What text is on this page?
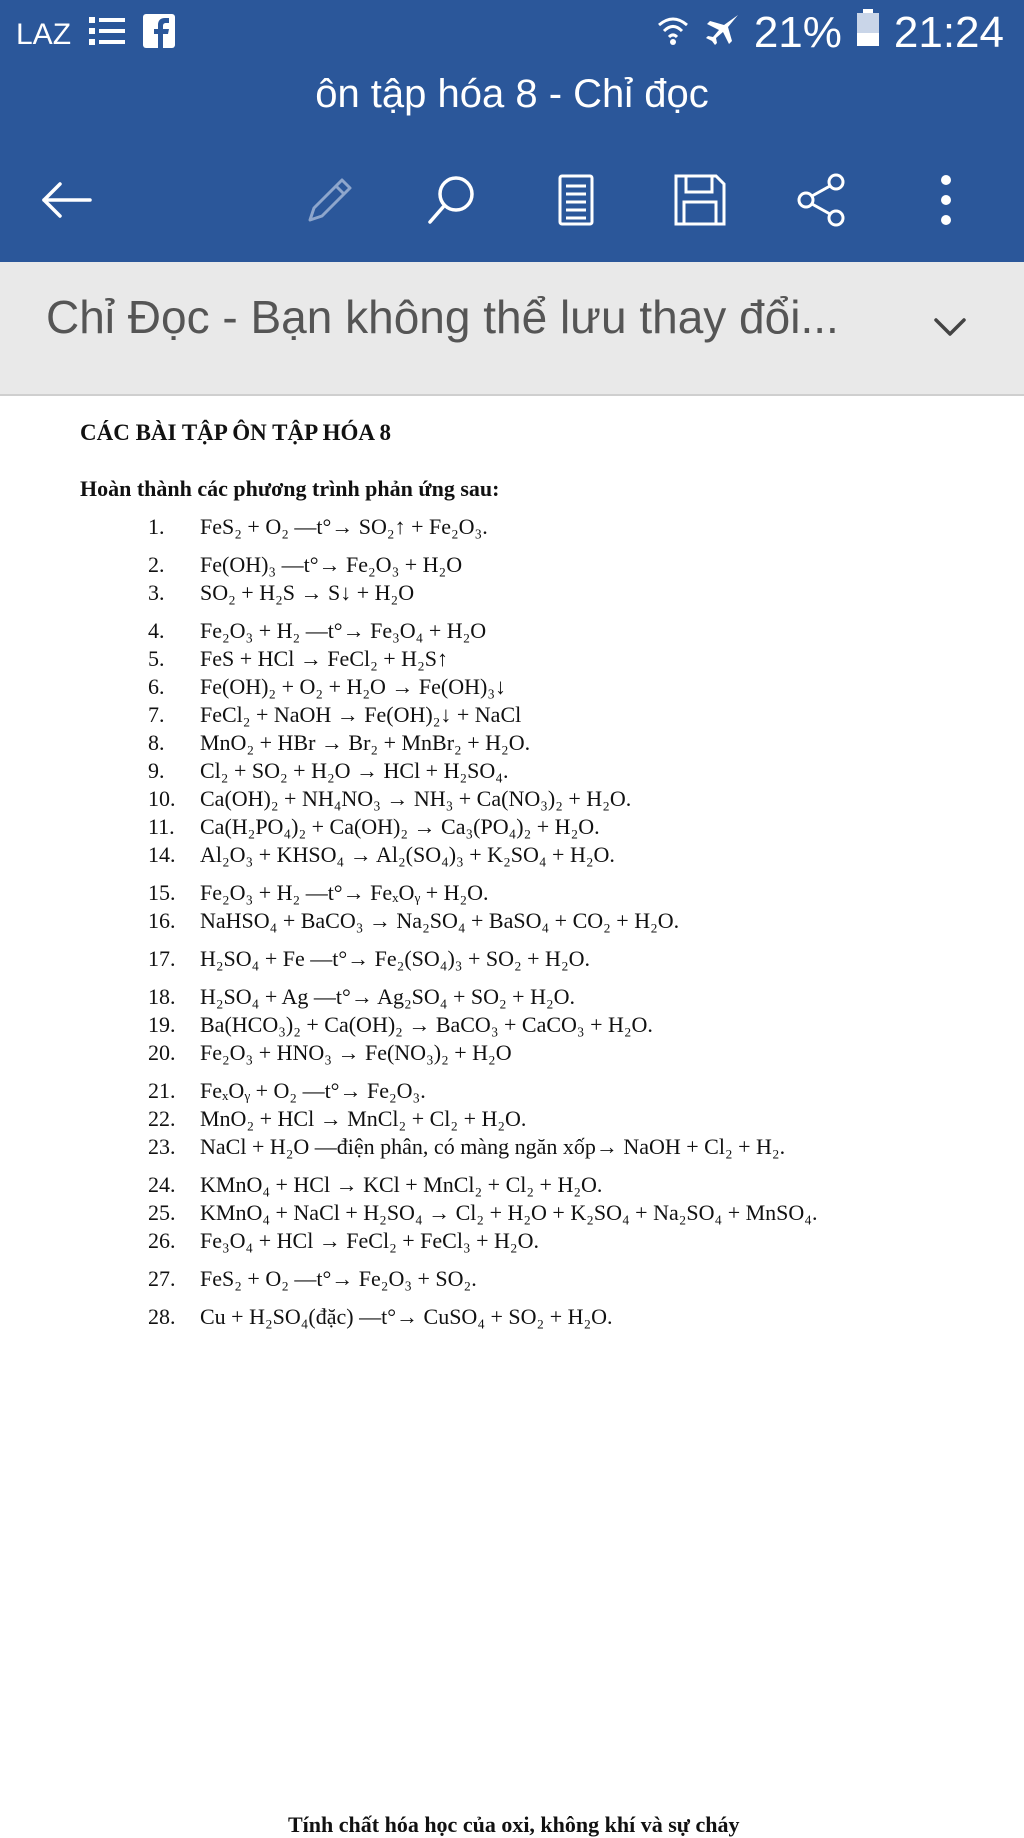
LAZ	21% 21:24
ôn tập hóa 8 - Chỉ đọc
Chỉ Đọc - Bạn không thể lưu thay đổi...
CÁC BÀI TẬP ÔN TẬP HÓA 8
Hoàn thành các phương trình phản ứng sau:
1. FeS₂ + O₂ —t°→ SO₂↑ + Fe₂O₃.
2. Fe(OH)₃ —t°→ Fe₂O₃ + H₂O
3. SO₂ + H₂S → S↓ + H₂O
4. Fe₂O₃ + H₂ —t°→ Fe₃O₄ + H₂O
5. FeS + HCl → FeCl₂ + H₂S↑
6. Fe(OH)₂ + O₂ + H₂O → Fe(OH)₃↓
7. FeCl₂ + NaOH → Fe(OH)₂↓ + NaCl
8. MnO₂ + HBr → Br₂ + MnBr₂ + H₂O.
9. Cl₂ + SO₂ + H₂O → HCl + H₂SO₄.
10. Ca(OH)₂ + NH₄NO₃ → NH₃ + Ca(NO₃)₂ + H₂O.
11. Ca(H₂PO₄)₂ + Ca(OH)₂ → Ca₃(PO₄)₂ + H₂O.
14. Al₂O₃ + KHSO₄ → Al₂(SO₄)₃ + K₂SO₄ + H₂O.
15. Fe₂O₃ + H₂ —t°→ FeₓOᵧ + H₂O.
16. NaHSO₄ + BaCO₃ → Na₂SO₄ + BaSO₄ + CO₂ + H₂O.
17. H₂SO₄ + Fe —t°→ Fe₂(SO₄)₃ + SO₂ + H₂O.
18. H₂SO₄ + Ag —t°→ Ag₂SO₄ + SO₂ + H₂O.
19. Ba(HCO₃)₂ + Ca(OH)₂ → BaCO₃ + CaCO₃ + H₂O.
20. Fe₂O₃ + HNO₃ → Fe(NO₃)₂ + H₂O
21. FeₓOᵧ + O₂ —t°→ Fe₂O₃.
22. MnO₂ + HCl → MnCl₂ + Cl₂ + H₂O.
23. NaCl + H₂O —điện phân, có màng ngăn xốp→ NaOH + Cl₂ + H₂.
24. KMnO₄ + HCl → KCl + MnCl₂ + Cl₂ + H₂O.
25. KMnO₄ + NaCl + H₂SO₄ → Cl₂ + H₂O + K₂SO₄ + Na₂SO₄ + MnSO₄.
26. Fe₃O₄ + HCl → FeCl₂ + FeCl₃ + H₂O.
27. FeS₂ + O₂ —t°→ Fe₂O₃ + SO₂.
28. Cu + H₂SO₄(đặc) —t°→ CuSO₄ + SO₂ + H₂O.
Tính chất hóa học của oxi, không khí và sự cháy
